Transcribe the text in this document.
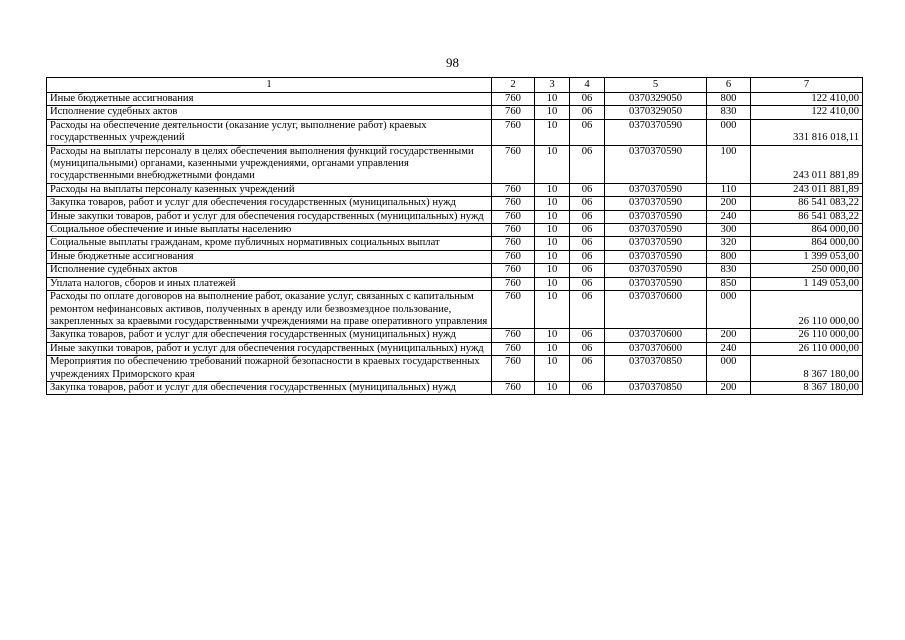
98
1	2	3	4	5	6	7
Иные бюджетные ассигнования	760	10	06	0370329050	800	122 410,00
Исполнение судебных актов	760	10	06	0370329050	830	122 410,00
Расходы на обеспечение деятельности (оказание услуг, выполнение работ) краевых государственных учреждений	760	10	06	0370370590	000	331 816 018,11
Расходы на выплаты персоналу в целях обеспечения выполнения функций государственными (муниципальными) органами, казенными учреждениями, органами управления государственными внебюджетными фондами	760	10	06	0370370590	100	243 011 881,89
Расходы на выплаты персоналу казенных учреждений	760	10	06	0370370590	110	243 011 881,89
Закупка товаров, работ и услуг для обеспечения государственных (муниципальных) нужд	760	10	06	0370370590	200	86 541 083,22
Иные закупки товаров, работ и услуг для обеспечения государственных (муниципальных) нужд	760	10	06	0370370590	240	86 541 083,22
Социальное обеспечение и иные выплаты населению	760	10	06	0370370590	300	864 000,00
Социальные выплаты гражданам, кроме публичных нормативных социальных выплат	760	10	06	0370370590	320	864 000,00
Иные бюджетные ассигнования	760	10	06	0370370590	800	1 399 053,00
Исполнение судебных актов	760	10	06	0370370590	830	250 000,00
Уплата налогов, сборов и иных платежей	760	10	06	0370370590	850	1 149 053,00
Расходы по оплате договоров на выполнение работ, оказание услуг, связанных с капитальным ремонтом нефинансовых активов, полученных в аренду или безвозмездное пользование, закрепленных за краевыми государственными учреждениями на праве оперативного управления	760	10	06	0370370600	000	26 110 000,00
Закупка товаров, работ и услуг для обеспечения государственных (муниципальных) нужд	760	10	06	0370370600	200	26 110 000,00
Иные закупки товаров, работ и услуг для обеспечения государственных (муниципальных) нужд	760	10	06	0370370600	240	26 110 000,00
Мероприятия по обеспечению требований пожарной безопасности в краевых государственных учреждениях Приморского края	760	10	06	0370370850	000	8 367 180,00
Закупка товаров, работ и услуг для обеспечения государственных (муниципальных) нужд	760	10	06	0370370850	200	8 367 180,00
